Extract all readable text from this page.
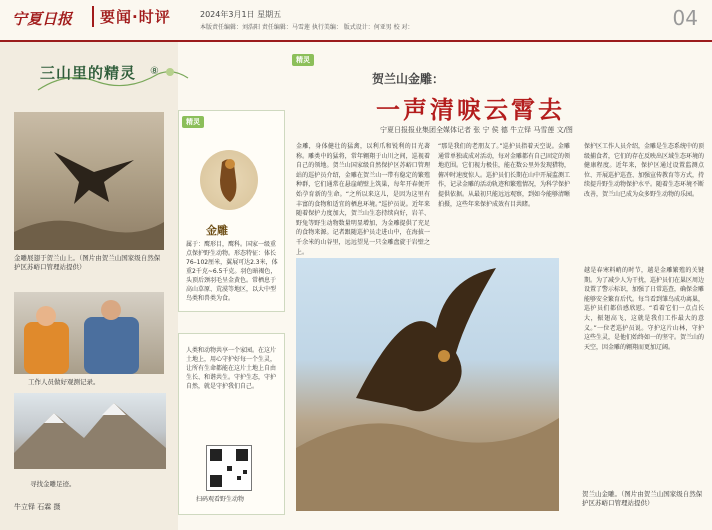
宁夏日报	要闻·时评	2024年3月1日 星期五
本版责任编辑：刘浩阳 责任编辑：马雪莲 执行美编： 版式设计：何亚男 校 对：	04
三山里的精灵 ⑧
金雕展翅于贺兰山上。（图片由贺兰山国家级自然保护区苏峪口管理站提供）
工作人员做好观测记录。
寻找金雕足迹。
牛立铎 石霖 摄
精灵
金雕
属于：鹰形目，鹰科。国家一级重点保护野生动物。形态特征：体长76–102厘米，翼展可达2.3米，体重2千克~6.5千克。羽色暗褐色，头顶后颈羽毛呈金黄色。常栖息于高山草原、荒漠等地区，以大中型鸟类和兽类为食。
人类和动物共享一个家园。在这片土地上，用心守护好每一个生灵，让所有生命都能在这片土地上自由生长、和谐共生。守护生态，守护自然，就是守护我们自己。
扫码观看野生动物
精灵
贺兰山金雕：
一声清唳云霄去
宁夏日报报业集团全媒体记者 张 宁 侯 德 牛立铎 马雪莲 文/图
金雕，身体健壮的猛禽，以利爪和锐利的目光著称。雕类中的猛将，常年翱翔于山川之间，巡视着自己的领地。贺兰山国家级自然保护区苏峪口管理站的巡护员介绍，金雕在贺兰山一带有稳定的繁殖种群，它们通常在悬崖峭壁上筑巢，每年开春便开始孕育新的生命。“之所以来这儿，是因为这里有丰富的食物和适宜的栖息环境。”巡护员说。近年来随着保护力度加大，贺兰山生态持续向好，岩羊、野兔等野生动物数量明显增加，为金雕提供了充足的食物来源。记者跟随巡护员走进山中，在海拔一千余米的山谷里，远远望见一只金雕盘旋于岩壁之上。
“那是我们的老朋友了。”巡护员指着天空说。金雕通常单独或成对活动，每对金雕都有自己固定的领地范围。它们视力极佳，能在数公里外发现猎物，俯冲时速度惊人。巡护员们长期在山中开展监测工作，记录金雕的活动轨迹和繁殖情况，为科学保护提供依据。从最初只能远远观察，到如今能够清晰拍摄，这些年来保护成效有目共睹。
保护区工作人员介绍，金雕是生态系统中的顶级捕食者，它们的存在反映出区域生态环境的健康程度。近年来，保护区通过设置监测点位、开展巡护巡查、加强宣传教育等方式，持续提升野生动物保护水平。随着生态环境不断改善，贺兰山已成为众多野生动物的乐园。
越是春寒料峭的时节，越是金雕繁殖的关键期。为了减少人为干扰，巡护员们在巢区周边设置了警示标识，加强了日常巡查，确保金雕能够安全繁育后代。每当看到雏鸟成功离巢，巡护员们都倍感欣慰。“看着它们一点点长大，振翅高飞，这就是我们工作最大的意义。”一位老巡护员说。守护这片山林，守护这些生灵，是他们始终如一的坚守。贺兰山的天空，因金雕的翱翔而更加辽阔。
贺兰山金雕。（图片由贺兰山国家级自然保护区苏峪口管理站提供）
